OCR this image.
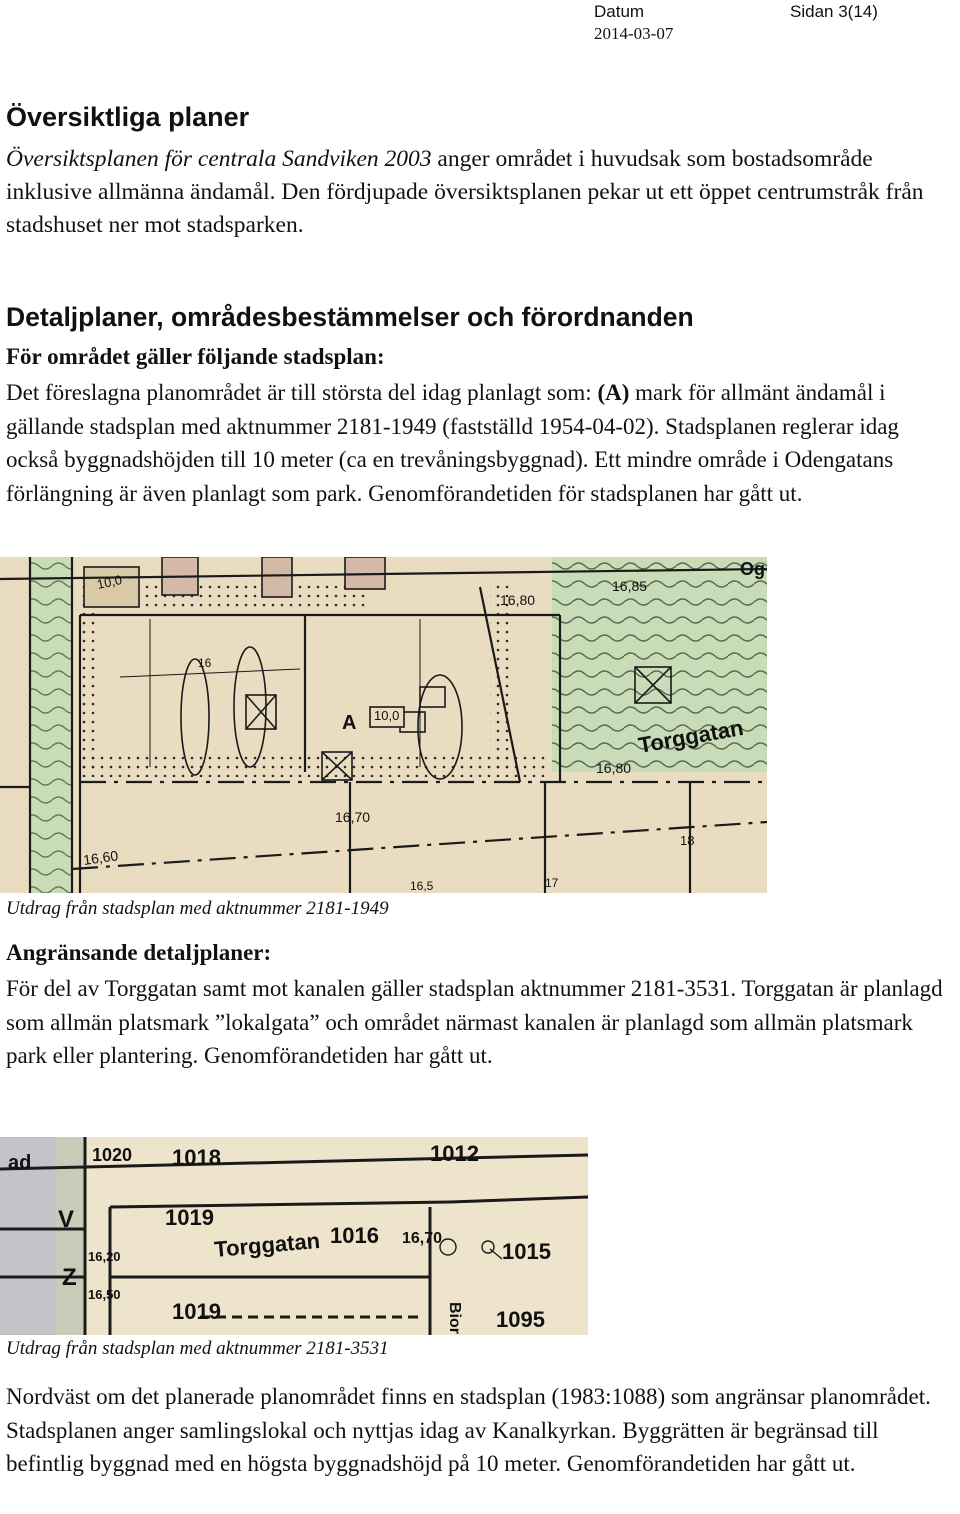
Datum	Sidan 3(14)
2014-03-07
Översiktliga planer
Översiktsplanen för centrala Sandviken 2003 anger området i huvudsak som bostadsområde inklusive allmänna ändamål. Den fördjupade översiktsplanen pekar ut ett öppet centrumstråk från stadshuset ner mot stadsparken.
Detaljplaner, områdesbestämmelser och förordnanden
För området gäller följande stadsplan:
Det föreslagna planområdet är till största del idag planlagt som: (A) mark för allmänt ändamål i gällande stadsplan med aktnummer 2181-1949 (fastställd 1954-04-02). Stadsplanen reglerar idag också byggnadshöjden till 10 meter (ca en trevåningsbyggnad). Ett mindre område i Odengatans förlängning är även planlagt som park. Genomförandetiden för stadsplanen har gått ut.
10,0	16,85
16,80
A 10,0
16,70
16,60
Torggatan
16,80
18
16,5	17
16
Og
Utdrag från stadsplan med aktnummer 2181-1949
Angränsande detaljplaner:
För del av Torggatan samt mot kanalen gäller stadsplan aktnummer 2181-3531. Torggatan är planlagd som allmän platsmark ”lokalgata” och området närmast kanalen är planlagd som allmän platsmark park eller plantering. Genomförandetiden har gått ut.
1020 1018	1012
ad
1019
V
1016 16,70
Torggatan	1015
Z
16,20
16,50
1019	Bior 1095
Utdrag från stadsplan med aktnummer 2181-3531
Nordväst om det planerade planområdet finns en stadsplan (1983:1088) som angränsar planområdet. Stadsplanen anger samlingslokal och nyttjas idag av Kanalkyrkan. Byggrätten är begränsad till befintlig byggnad med en högsta byggnadshöjd på 10 meter. Genomförandetiden har gått ut.
